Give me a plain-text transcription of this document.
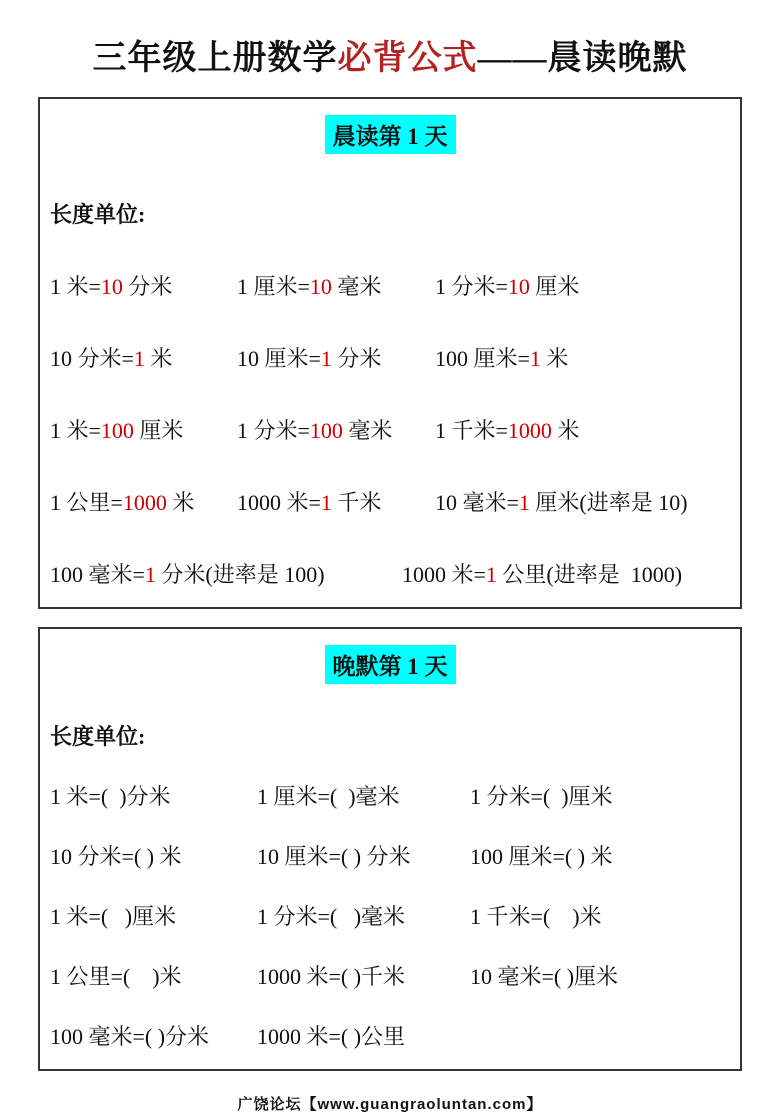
三年级上册数学必背公式——晨读晚默
晨读第 1 天
长度单位:
1 米=10 分米	1 厘米=10 毫米	1 分米=10 厘米
10 分米=1 米	10 厘米=1 分米	100 厘米=1 米
1 米=100 厘米	1 分米=100 毫米	1 千米=1000 米
1 公里=1000 米	1000 米=1 千米	10 毫米=1 厘米(进率是 10)
100 毫米=1 分米(进率是 100)	1000 米=1 公里(进率是  1000)
晚默第 1 天
长度单位:
1 米=(  )分米	1 厘米=(  )毫米	1 分米=(  )厘米
10 分米=( ) 米	10 厘米=( ) 分米	100 厘米=( ) 米
1 米=(   )厘米	1 分米=(   )毫米	1 千米=(    )米
1 公里=(    )米	1000 米=( )千米	10 毫米=( )厘米
100 毫米=( )分米	1000 米=( )公里
广饶论坛【www.guangraoluntan.com】
